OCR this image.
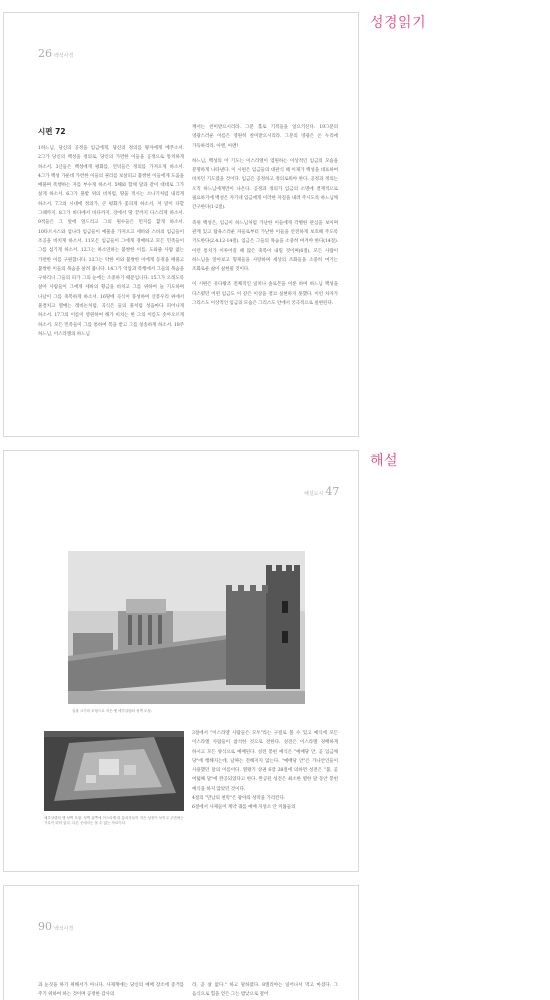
26 백석사경
시편 72

1하느님, 당신의 공정을 임금에게, 당신의 정의를 왕자에게 베푸소서. 2그가 당신의 백성을 정의로, 당신의 가련한 이들을 공정으로 통치하게 하소서. 3산들은 백성에게 평화를, 언덕들은 정의를 가져오게 하소서. 4그가 백성 가운데 가련한 이들의 권리를 보살피고 불쌍한 이들에게 도움을 베풀며 폭행하는 자를 부수게 하소서. 5해와 함께 달과 같이 대대로 그가 살게 하소서. 6그가 풀밭 위의 비처럼, 땅을 적시는 소나기처럼 내리게 하소서. 7그의 시대에 정의가, 큰 평화가 꽃피게 하소서, 저 달이 다할 그때까지. 8그가 바다에서 바다까지, 강에서 땅 끝까지 다스리게 하소서. 9적들은 그 앞에 엎드리고 그의 원수들은 먼지를 핥게 하소서. 10타르시스와 섬나라 임금들이 예물을 가져오고 세바와 스바의 임금들이 조공을 바치게 하소서. 11모든 임금들이 그에게 경배하고 모든 민족들이 그를 섬기게 하소서. 12그는 하소연하는 불쌍한 이를, 도와줄 사람 없는 가련한 이를 구원합니다. 13그는 약한 이와 불쌍한 이에게 동정을 베풀고 불쌍한 이들의 목숨을 살려 줍니다. 14그가 억압과 폭행에서 그들의 목숨을 구하리니 그들의 피가 그의 눈에는 소중하기 때문입니다. 15그가 오래도록 살아 사람들이 그에게 세바의 황금을 바치고 그를 위하여 늘 기도하며 나날이 그를 축복하게 하소서. 16땅에 곡식이 풍성하여 산봉우리 위에서 물결치고 열매는 레바논처럼, 곡식은 들의 풀처럼 성읍마다 피어나게 하소서. 17그의 이름이 영원하여 해가 비치는 한 그의 이름도 솟아오르게 하소서. 모든 민족들이 그를 통하여 복을 받고 그를 칭송하게 하소서. 18주 하느님, 이스라엘의 하느님

께서는 찬미받으시리라. 그분 홀로 기적들을 일으키신다. 19그분의 영광스러운 이름은 영원히 찬미받으시리라. 그분의 영광은 온 누리에 가득하리라. 아멘, 아멘!

하느님, 백성의 이 기도는 이스라엘이 염원하는 이상적인 임금의 모습을 분명하게 나타낸다. 이 시편은 임금들의 대관식 때 이제가 백성을 대표하여 바치던 기도였을 것이다. 임금은 공정하고 정의로워야 한다. 공정과 정의는 오직 하느님에게만이 나온다. 공정과 정의가 임금의 소명에 결재적으로 필요하기에 백성은 자기네 임금에게 이러한 자질을 내려 주시도록 하느님께 간구한다(1-2절).

즉위 백성은, 임금이 하느님처럼 가난한 이들에게 각별한 관심을 보이며 관계 있고 탐욕스러운 자들로부터 가난한 이들을 안전하게 보호해 주도록 기도한다(2.4.12-14절). 임금은 그들의 목숨을 소중히 여겨야 한다(14절). 이런 통치가 이루어질 때 많은 축복이 내릴 것이며(6절), 모든 사람이 하느님을 알아보고 형제들을 사랑하며 세상의 조화들을 소중히 여기는 조화로운 삶이 실현될 것이다.

이 시편은 유다왕조 전체적인 일치나 솔로몬을 이룬 하여 하느님 백성을 다스렸던 어떤 임금도 이 같은 이상을 결코 실현하지 못했다. 이런 차자가 그리스도 이상적인 임금의 모습은 그리스도 안에서 궁극적으로 실현된다.

성경읽기
해설도시 47
실물 크기의 모형으로 지은 옛 예루살렘의 성벽 모형.
예루살렘의 옛 성벽 모형. 성벽 위쪽에 이스라엘 의 통치자들이 지은 성전이 보이고 주변에는 기록이 되어 있다. 다른 곳에서는 볼 수 없는 자료이다.

3절에서 "이스라엘 사람들은 모두"라는 구절로 볼 수 있고 예식에 모든 이스라엘 사람들이 참석한 것으로 전한다. 성전은 이스라엘 경배하게 하시고 모든 양식으로 예배된다. 성전 봉헌 예식은 "예배당 안, 곧 임금께 당"에 행해지는데, 날짜는 전해지지 않는다. "예배당 안"은 가나안인들이 사용했던 달의 이름이다. 열왕기 상권 6장 38절에 의하면 성전은 "불, 곧 여덟째 달"에 완공되었다고 한다. 완공된 성전은 최소한 열한 달 동안 봉헌 예식을 하지 않았던 것이다.

4절의 "만남의 천막"은 광야의 성막을 가리킨다.

6절에서 사제들이 계약 궤를 예배 지성소 안 커룹들의

해설
90 백석사경

과 눈짓을 하기 위해서가 아니다. 사제계에는 당신의 예배 장소에 증거를 주기 위하여 하는 것이며 공정한 감사의

라, 곧 살 없다." 하고 말하였다. 8엘리야는 일어나서 먹고 마셨다. 그 음식으로 힘을 얻은 그는 밤낮으로 걸어
